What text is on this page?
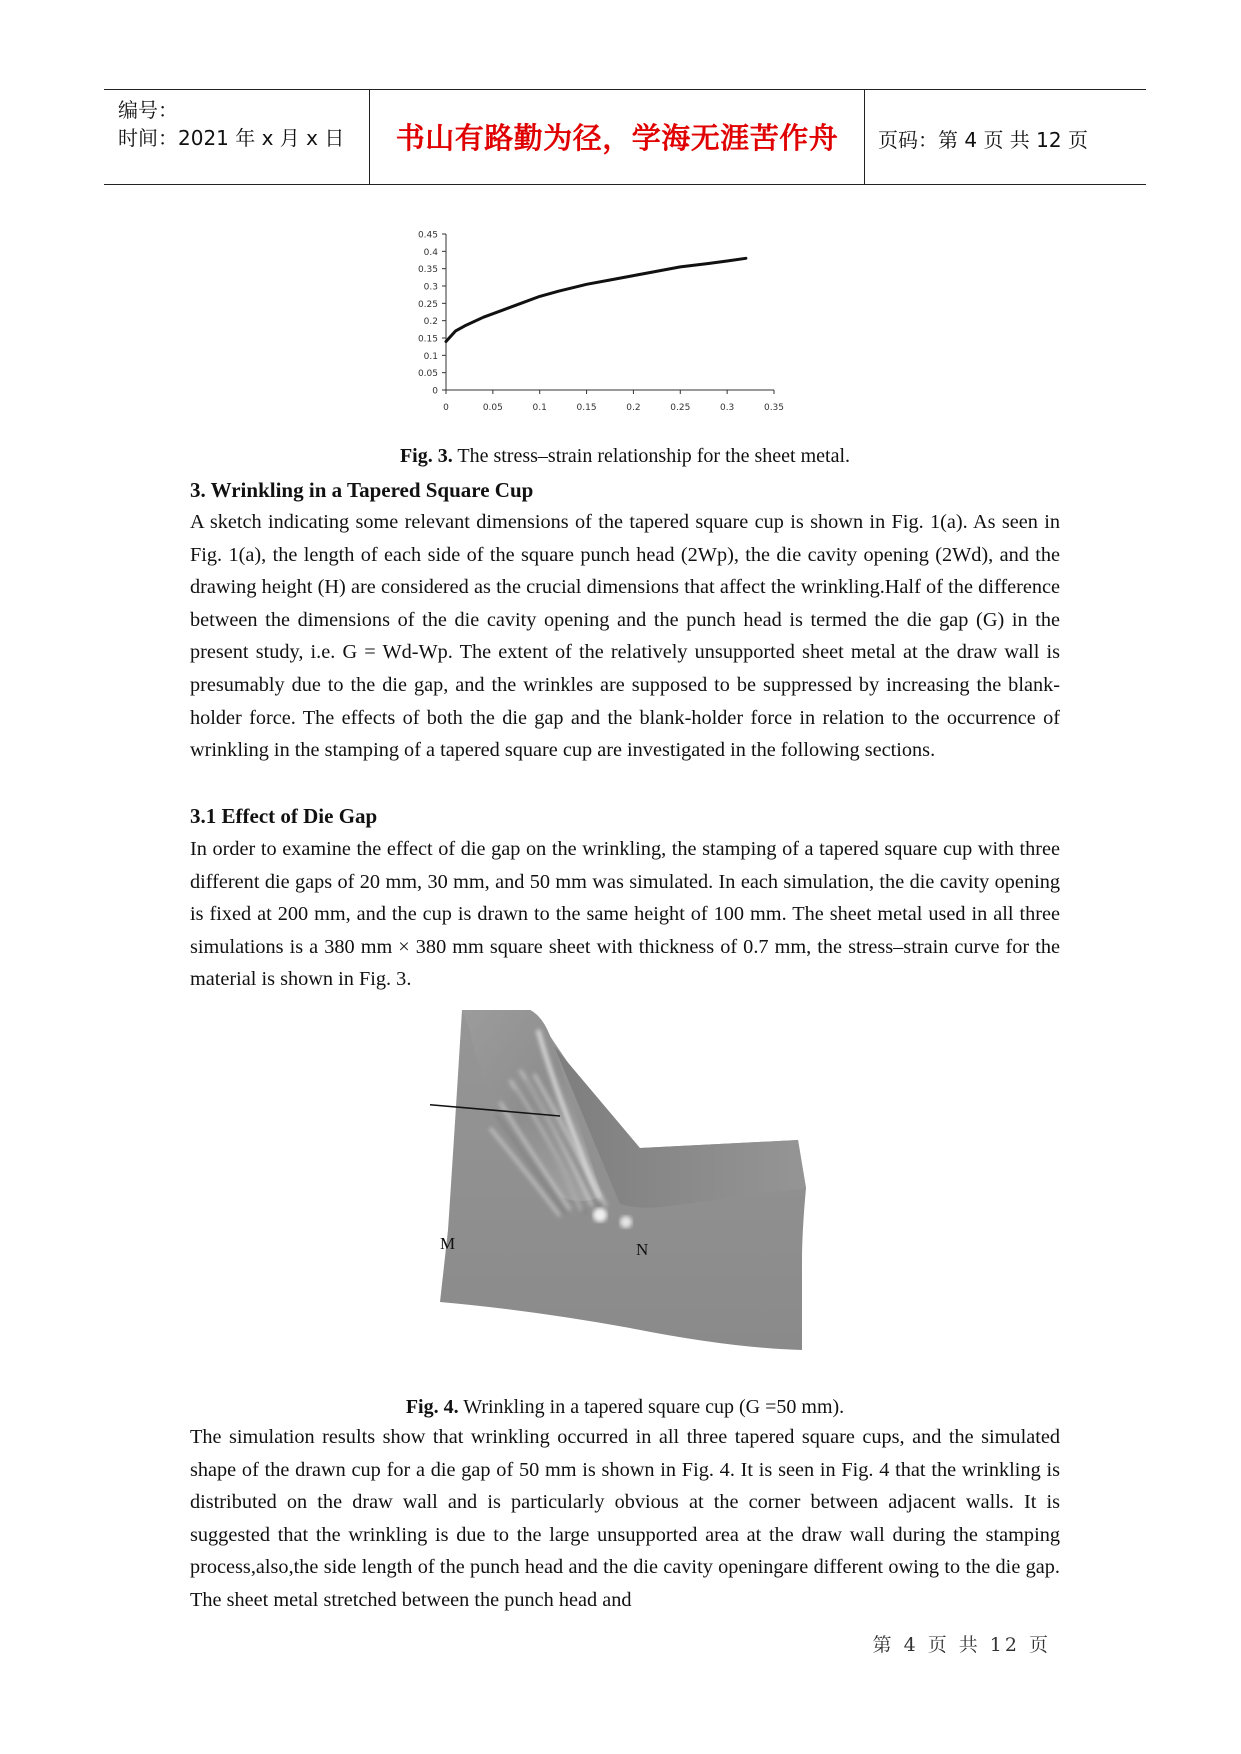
编号：
时间：2021 年 x 月 x 日	书山有路勤为径，学海无涯苦作舟	页码：第 4 页 共 12 页
0
0.05
0.1
0.15
0.2
0.25
0.3
0.35
0.4
0.45
0	0.05	0.1	0.15	0.2	0.25	0.3	0.35
Fig. 3. The stress–strain relationship for the sheet metal.
3. Wrinkling in a Tapered Square Cup

A sketch indicating some relevant dimensions of the tapered square cup is shown in Fig. 1(a). As seen in Fig. 1(a), the length of each side of the square punch head (2Wp), the die cavity opening (2Wd), and the drawing height (H) are considered as the crucial dimensions that affect the wrinkling.Half of the difference between the dimensions of the die cavity opening and the punch head is termed the die gap (G) in the present study, i.e. G = Wd-Wp. The extent of the relatively unsupported sheet metal at the draw wall is presumably due to the die gap, and the wrinkles are supposed to be suppressed by increasing the blank-holder force. The effects of both the die gap and the blank-holder force in relation to the occurrence of wrinkling in the stamping of a tapered square cup are investigated in the following sections.

3.1 Effect of Die Gap

In order to examine the effect of die gap on the wrinkling, the stamping of a tapered square cup with three different die gaps of 20 mm, 30 mm, and 50 mm was simulated. In each simulation, the die cavity opening is fixed at 200 mm, and the cup is drawn to the same height of 100 mm. The sheet metal used in all three simulations is a 380 mm × 380 mm square sheet with thickness of 0.7 mm, the stress–strain curve for the material is shown in Fig. 3.

M	N
Fig. 4. Wrinkling in a tapered square cup (G =50 mm).

The simulation results show that wrinkling occurred in all three tapered square cups, and the simulated shape of the drawn cup for a die gap of 50 mm is shown in Fig. 4. It is seen in Fig. 4 that the wrinkling is distributed on the draw wall and is particularly obvious at the corner between adjacent walls. It is suggested that the wrinkling is due to the large unsupported area at the draw wall during the stamping process,also,the side length of the punch head and the die cavity openingare different owing to the die gap. The sheet metal stretched between the punch head and

第 4 页 共 12 页
